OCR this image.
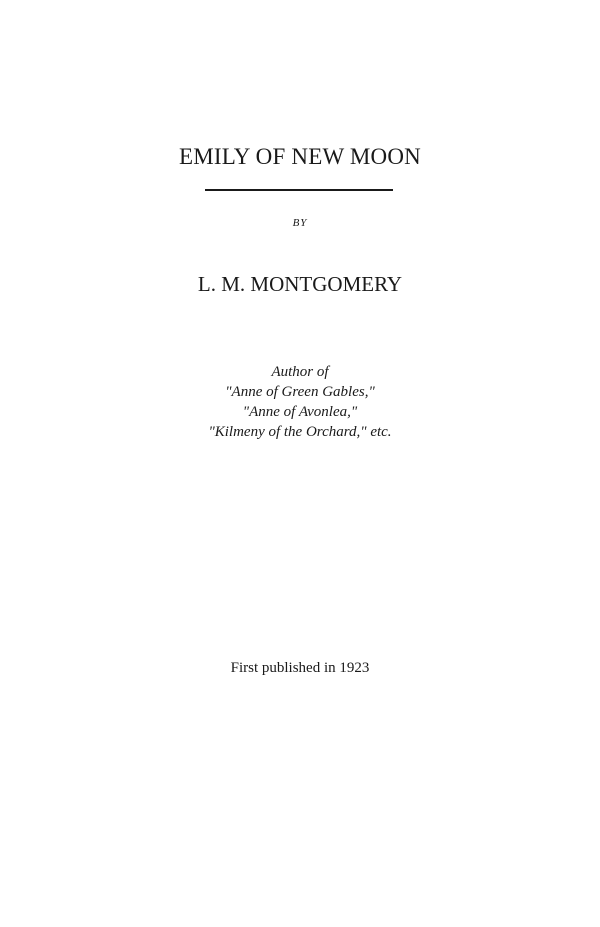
EMILY OF NEW MOON
BY
L. M. MONTGOMERY
Author of
"Anne of Green Gables,"
"Anne of Avonlea,"
"Kilmeny of the Orchard," etc.
First published in 1923
